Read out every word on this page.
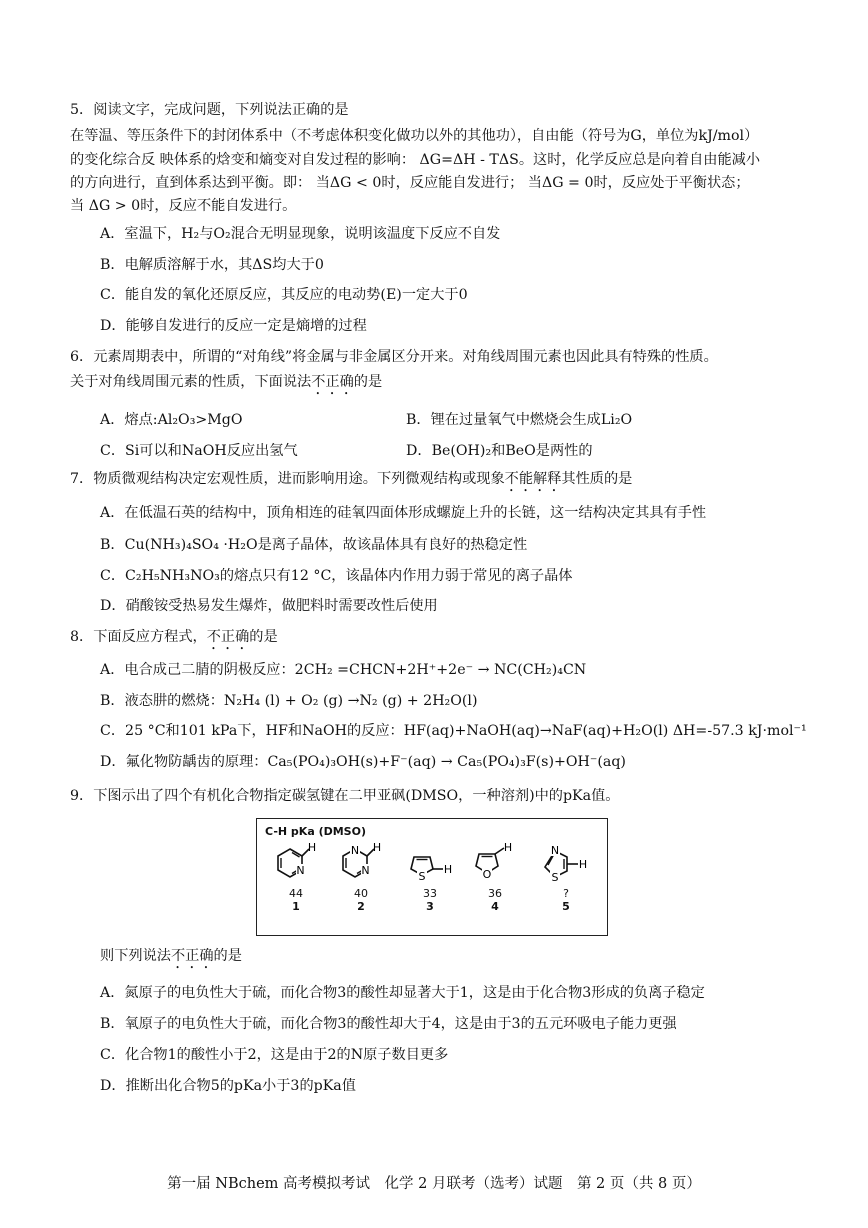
5．阅读文字，完成问题，下列说法正确的是
在等温、等压条件下的封闭体系中（不考虑体积变化做功以外的其他功），自由能（符号为G，单位为kJ/mol）
的变化综合反 映体系的焓变和熵变对自发过程的影响： ΔG=ΔH - TΔS。这时，化学反应总是向着自由能减小
的方向进行，直到体系达到平衡。即： 当ΔG < 0时，反应能自发进行； 当ΔG = 0时，反应处于平衡状态；
当 ΔG > 0时，反应不能自发进行。
A．室温下，H₂与O₂混合无明显现象，说明该温度下反应不自发
B．电解质溶解于水，其ΔS均大于0
C．能自发的氧化还原反应，其反应的电动势(E)一定大于0
D．能够自发进行的反应一定是熵增的过程
6．元素周期表中，所谓的“对角线”将金属与非金属区分开来。对角线周围元素也因此具有特殊的性质。
关于对角线周围元素的性质，下面说法不正确的是
A．熔点:Al₂O₃>MgO	B．锂在过量氧气中燃烧会生成Li₂O
C．Si可以和NaOH反应出氢气	D．Be(OH)₂和BeO是两性的
7．物质微观结构决定宏观性质，进而影响用途。下列微观结构或现象不能解释其性质的是
A．在低温石英的结构中，顶角相连的硅氧四面体形成螺旋上升的长链，这一结构决定其具有手性
B．Cu(NH₃)₄SO₄ ·H₂O是离子晶体，故该晶体具有良好的热稳定性
C．C₂H₅NH₃NO₃的熔点只有12 °C，该晶体内作用力弱于常见的离子晶体
D．硝酸铵受热易发生爆炸，做肥料时需要改性后使用
8．下面反应方程式，不正确的是
A．电合成己二腈的阴极反应：2CH₂ =CHCN+2H⁺+2e⁻ → NC(CH₂)₄CN
B．液态肼的燃烧：N₂H₄ (l) + O₂ (g) →N₂ (g) + 2H₂O(l)
C．25 °C和101 kPa下，HF和NaOH的反应：HF(aq)+NaOH(aq)→NaF(aq)+H₂O(l) ΔH=-57.3 kJ·mol⁻¹
D．氟化物防龋齿的原理：Ca₅(PO₄)₃OH(s)+F⁻(aq) → Ca₅(PO₄)₃F(s)+OH⁻(aq)
9．下图示出了四个有机化合物指定碳氢键在二甲亚砜(DMSO，一种溶剂)中的pKa值。
C-H pKa (DMSO)
N
H
44
1
N
N
H
40
2
S
H
33
3
O
H
36
4
N
S
H
?
5
则下列说法不正确的是
A．氮原子的电负性大于硫，而化合物3的酸性却显著大于1，这是由于化合物3形成的负离子稳定
B．氧原子的电负性大于硫，而化合物3的酸性却大于4，这是由于3的五元环吸电子能力更强
C．化合物1的酸性小于2，这是由于2的N原子数目更多
D．推断出化合物5的pKa小于3的pKa值
第一届 NBchem 高考模拟考试　化学 2 月联考（选考）试题　第 2 页（共 8 页）
